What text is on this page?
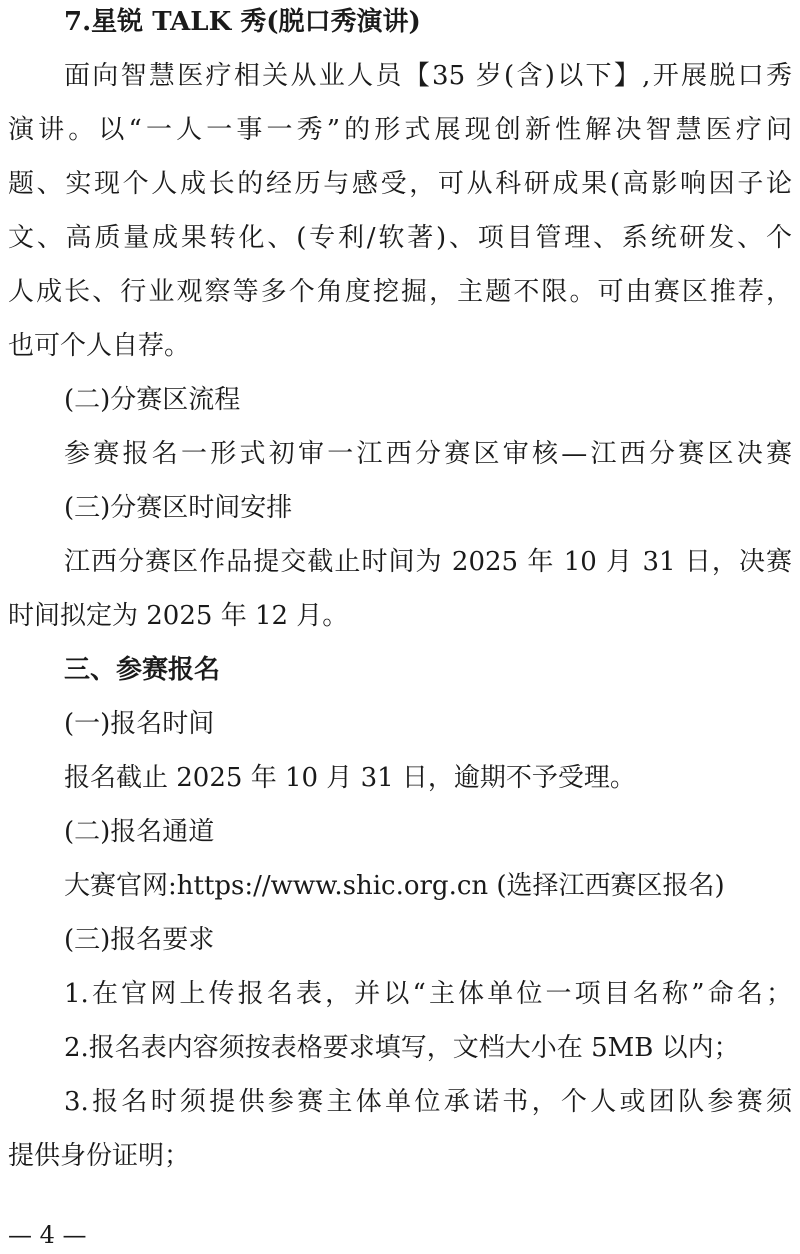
7.星锐 TALK 秀(脱口秀演讲)
面向智慧医疗相关从业人员【35 岁(含)以下】,开展脱口秀
演讲。以“一人一事一秀”的形式展现创新性解决智慧医疗问
题、实现个人成长的经历与感受，可从科研成果(高影响因子论
文、高质量成果转化、(专利/软著)、项目管理、系统研发、个
人成长、行业观察等多个角度挖掘，主题不限。可由赛区推荐，
也可个人自荐。
(二)分赛区流程
参赛报名一形式初审一江西分赛区审核—江西分赛区决赛
(三)分赛区时间安排
江西分赛区作品提交截止时间为 2025 年 10 月 31 日，决赛
时间拟定为 2025 年 12 月。
三、参赛报名
(一)报名时间
报名截止 2025 年 10 月 31 日，逾期不予受理。
(二)报名通道
大赛官网:https://www.shic.org.cn (选择江西赛区报名)
(三)报名要求
1.在官网上传报名表，并以“主体单位一项目名称”命名；
2.报名表内容须按表格要求填写，文档大小在 5MB 以内；
3.报名时须提供参赛主体单位承诺书，个人或团队参赛须
提供身份证明；
— 4 —
